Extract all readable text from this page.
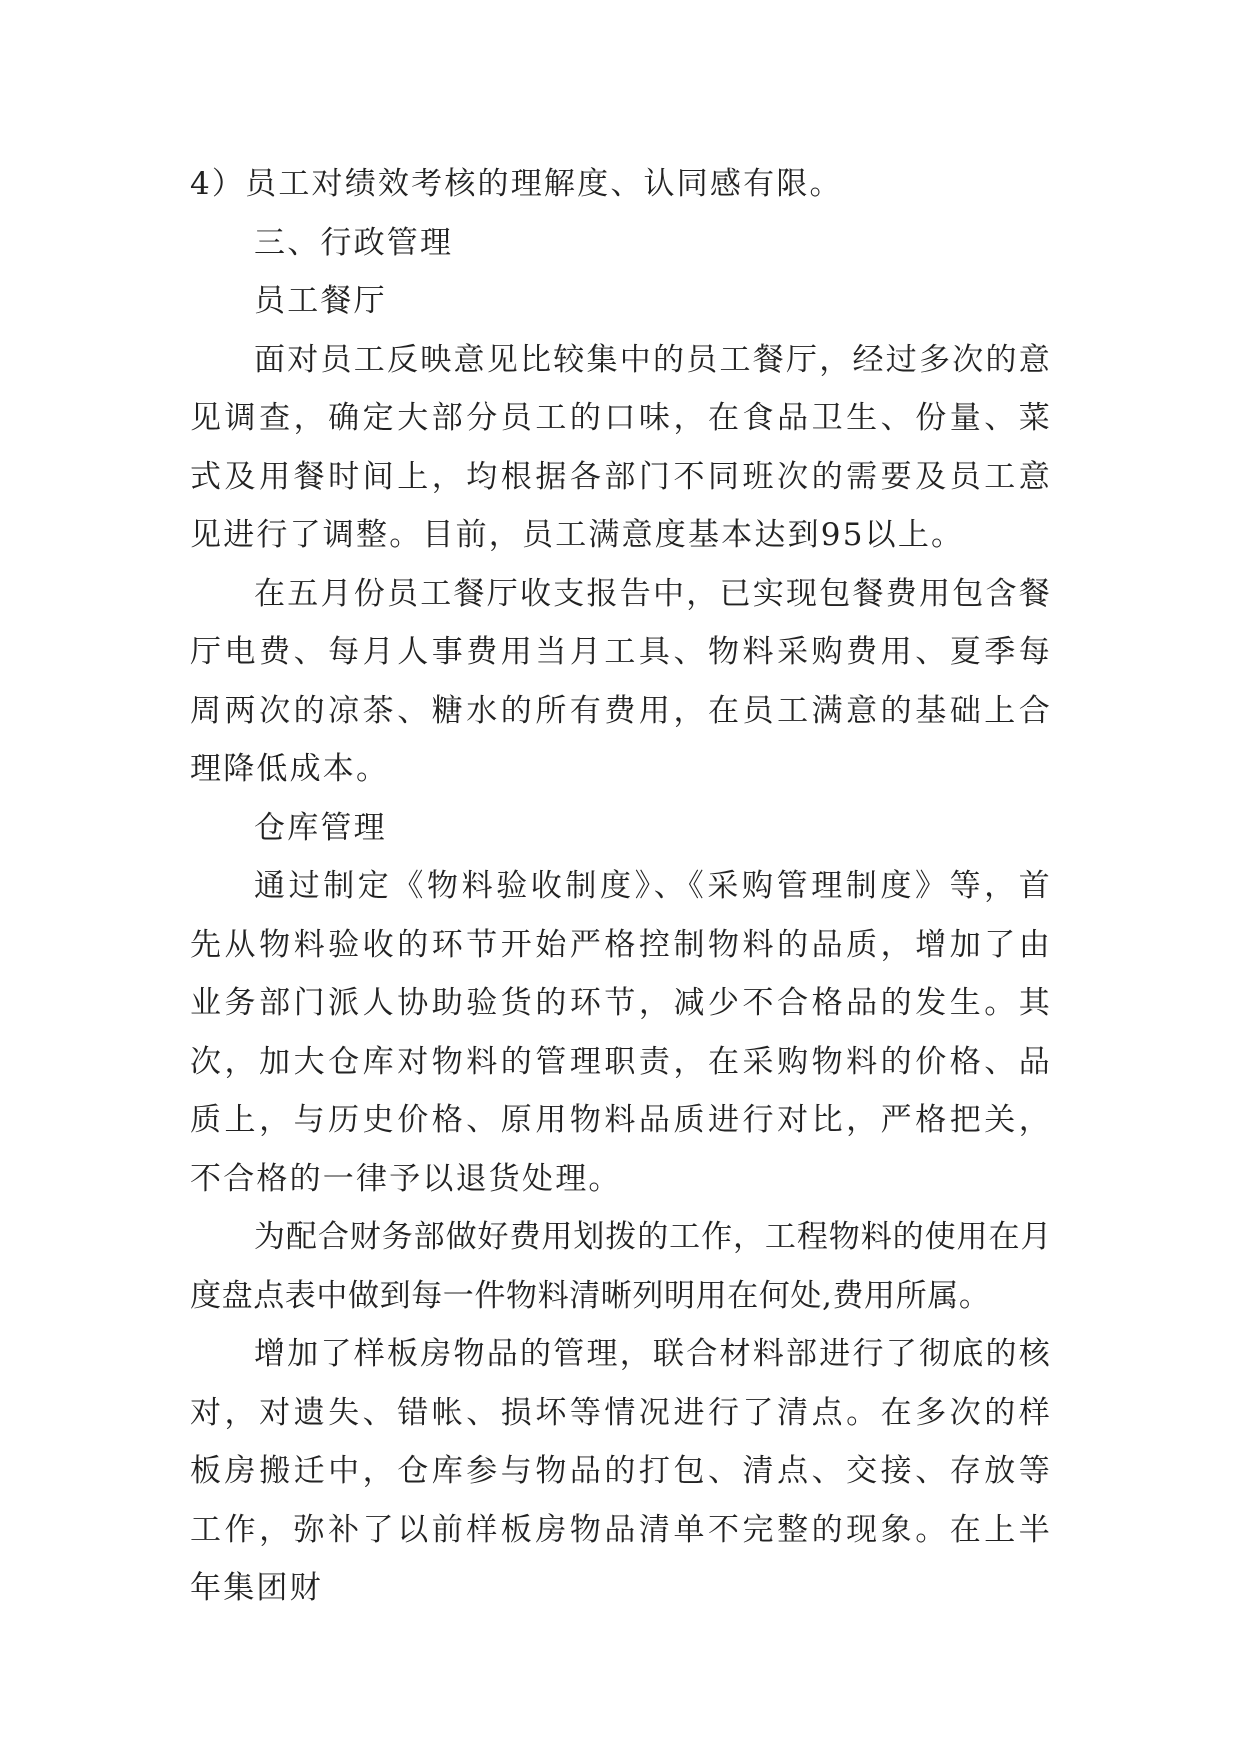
4）员工对绩效考核的理解度、认同感有限。

三、行政管理

员工餐厅

面对员工反映意见比较集中的员工餐厅，经过多次的意见调查，确定大部分员工的口味，在食品卫生、份量、菜式及用餐时间上，均根据各部门不同班次的需要及员工意见进行了调整。目前，员工满意度基本达到95以上。

在五月份员工餐厅收支报告中，已实现包餐费用包含餐厅电费、每月人事费用当月工具、物料采购费用、夏季每周两次的凉茶、糖水的所有费用，在员工满意的基础上合理降低成本。

仓库管理

通过制定《物料验收制度》、《采购管理制度》等，首先从物料验收的环节开始严格控制物料的品质，增加了由业务部门派人协助验货的环节，减少不合格品的发生。其次，加大仓库对物料的管理职责，在采购物料的价格、品质上，与历史价格、原用物料品质进行对比，严格把关，不合格的一律予以退货处理。

为配合财务部做好费用划拨的工作，工程物料的使用在月度盘点表中做到每一件物料清晰列明用在何处,费用所属。

增加了样板房物品的管理，联合材料部进行了彻底的核对，对遗失、错帐、损坏等情况进行了清点。在多次的样板房搬迁中，仓库参与物品的打包、清点、交接、存放等工作，弥补了以前样板房物品清单不完整的现象。在上半年集团财
